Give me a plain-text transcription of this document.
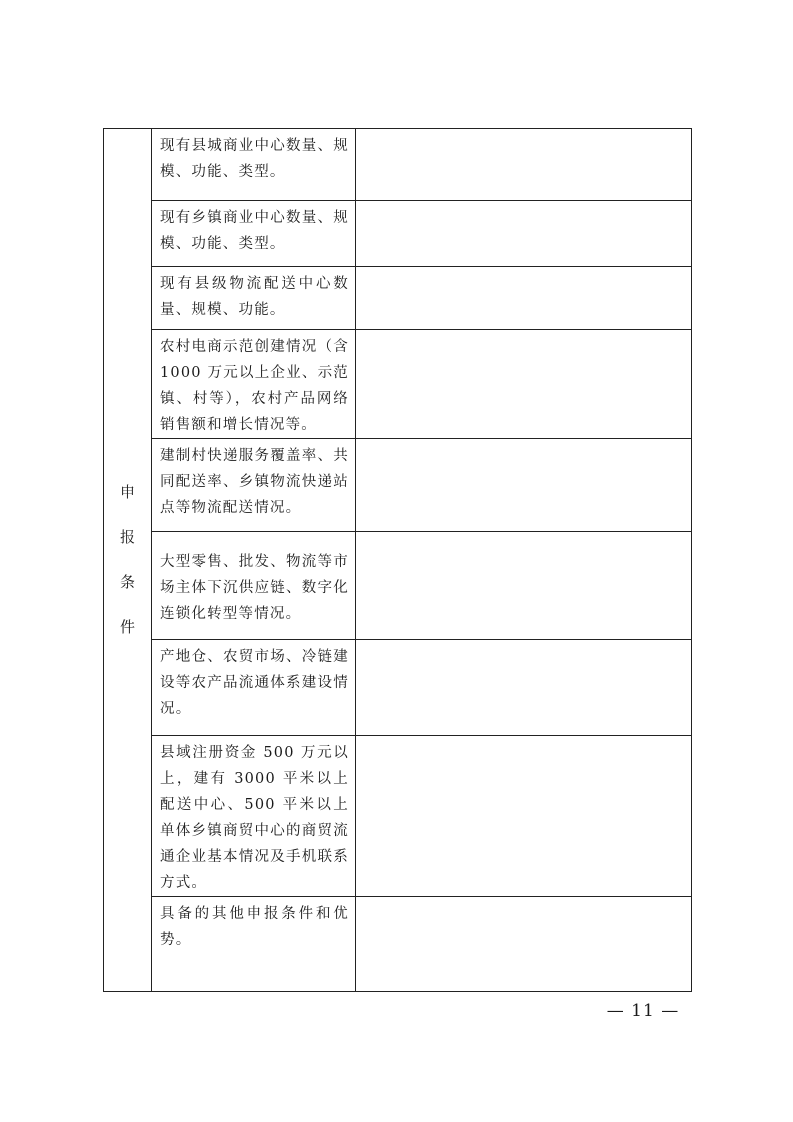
申
报
条
件	现有县城商业中心数量、规模、功能、类型。	

	现有乡镇商业中心数量、规模、功能、类型。	

	现有县级物流配送中心数量、规模、功能。	

	农村电商示范创建情况（含1000 万元以上企业、示范镇、村等），农村产品网络销售额和增长情况等。	

	建制村快递服务覆盖率、共同配送率、乡镇物流快递站点等物流配送情况。	

	大型零售、批发、物流等市场主体下沉供应链、数字化连锁化转型等情况。	

	产地仓、农贸市场、冷链建设等农产品流通体系建设情况。	

	县域注册资金 500 万元以上，建有 3000 平米以上配送中心、500 平米以上单体乡镇商贸中心的商贸流通企业基本情况及手机联系方式。	

	具备的其他申报条件和优势。	

— 11 —
